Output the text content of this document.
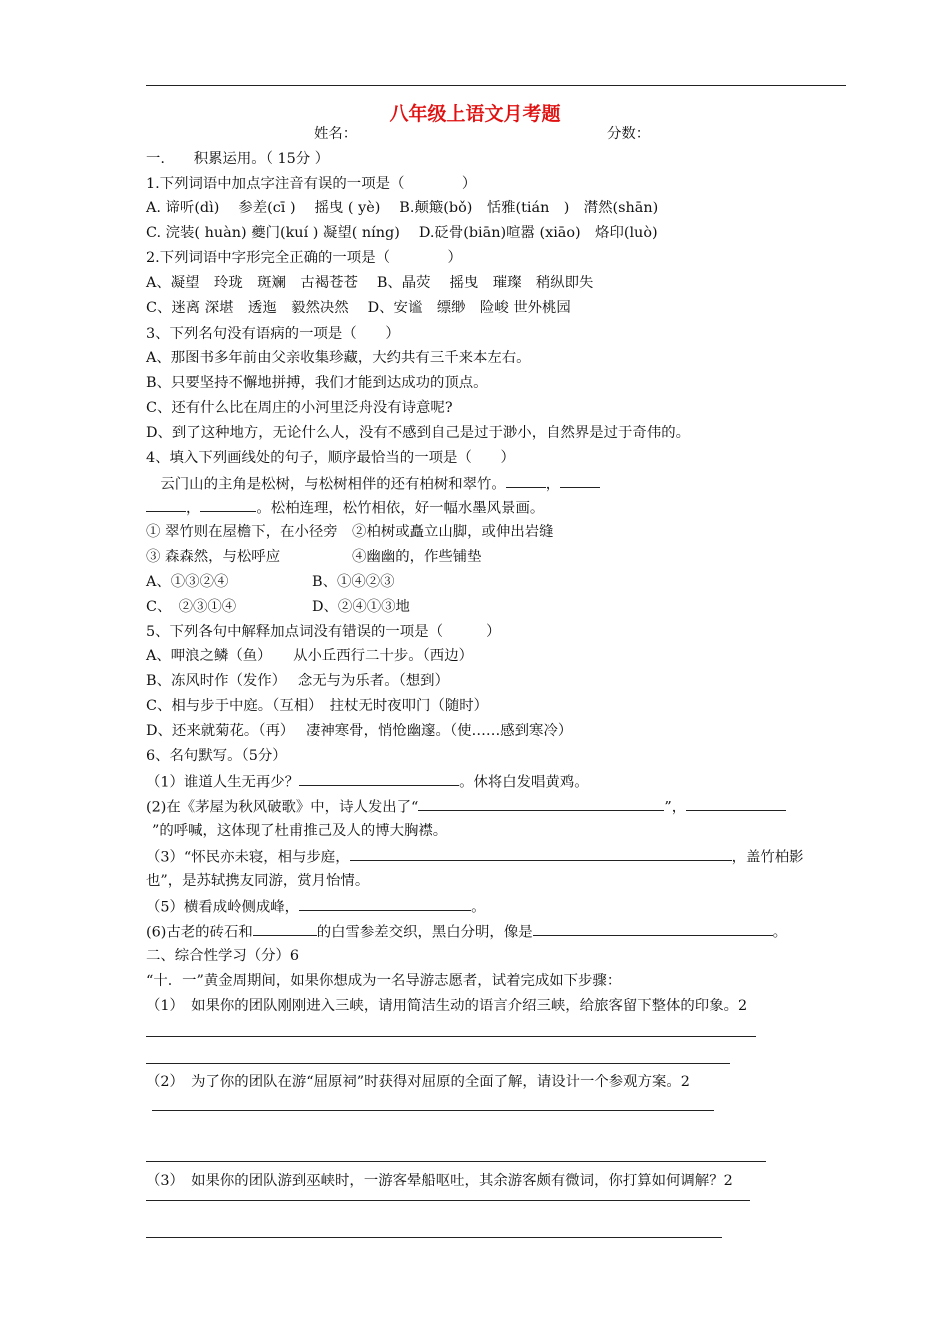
八年级上语文月考题
姓名：	分数：
一.　　积累运用。（ 15分 ）
1.下列词语中加点字注音有误的一项是（　　　　）
A. 谛听(dì)　 参差(cī )　 摇曳 ( yè)　 B.颠簸(bǒ)　恬雅(tián　)　潸然(shān)
C. 浣装( huàn) 夔门(kuí ) 凝望( níng)　 D.砭骨(biān)喧嚣 (xiāo)　烙印(luò)
2.下列词语中字形完全正确的一项是（　　　　）
A、凝望　玲珑　斑斓　古褐苍苍　 B、晶荧　 摇曳　璀璨　稍纵即失
C、迷离 深堪　透迤　毅然决然　 D、安谧　缥缈　险峻 世外桃园
3、下列名句没有语病的一项是（　　）
A、那图书多年前由父亲收集珍藏，大约共有三千来本左右。
B、只要坚持不懈地拼搏，我们才能到达成功的顶点。
C、还有什么比在周庄的小河里泛舟没有诗意呢?
D、到了这种地方，无论什么人，没有不感到自己是过于渺小，自然界是过于奇伟的。
4、填入下列画线处的句子，顺序最恰当的一项是（　　）
　云门山的主角是松树，与松树相伴的还有柏树和翠竹。	，
，	。松柏连理，松竹相依，好一幅水墨风景画。
① 翠竹则在屋檐下，在小径旁　②柏树或矗立山脚，或伸出岩缝
③ 森森然，与松呼应　　　　　④幽幽的，作些铺垫
A、①③②④	B、①④②③
C、　②③①④	D、②④①③地
5、下列各句中解释加点词没有错误的一项是（　　　）
A、呷浪之鳞（鱼）　　从小丘西行二十步。（西边）
B、冻风时作（发作）　 念无与为乐者。（想到）
C、相与步于中庭。（互相）　拄杖无时夜叩门（随时）
D、还来就菊花。（再）　 凄神寒骨，悄怆幽邃。（使……感到寒冷）
6、名句默写。（5分）
（1）谁道人生无再少？	。休将白发唱黄鸡。
(2)在《茅屋为秋风破歌》中，诗人发出了“	”，
”的呼喊，这体现了杜甫推己及人的博大胸襟。
（3）“怀民亦未寝，相与步庭，	，盖竹柏影
也”，是苏轼携友同游，赏月怡情。
（5）横看成岭侧成峰，	。
(6)古老的砖石和	的白雪参差交织，黑白分明，像是	。
二、综合性学习（分）6
“十．一”黄金周期间，如果你想成为一名导游志愿者，试着完成如下步骤：
（1）　如果你的团队刚刚进入三峡，请用简洁生动的语言介绍三峡，给旅客留下整体的印象。2
（2）　为了你的团队在游“屈原祠”时获得对屈原的全面了解，请设计一个参观方案。2
（3）　如果你的团队游到巫峡时，一游客晕船呕吐，其余游客颇有微词，你打算如何调解？2
